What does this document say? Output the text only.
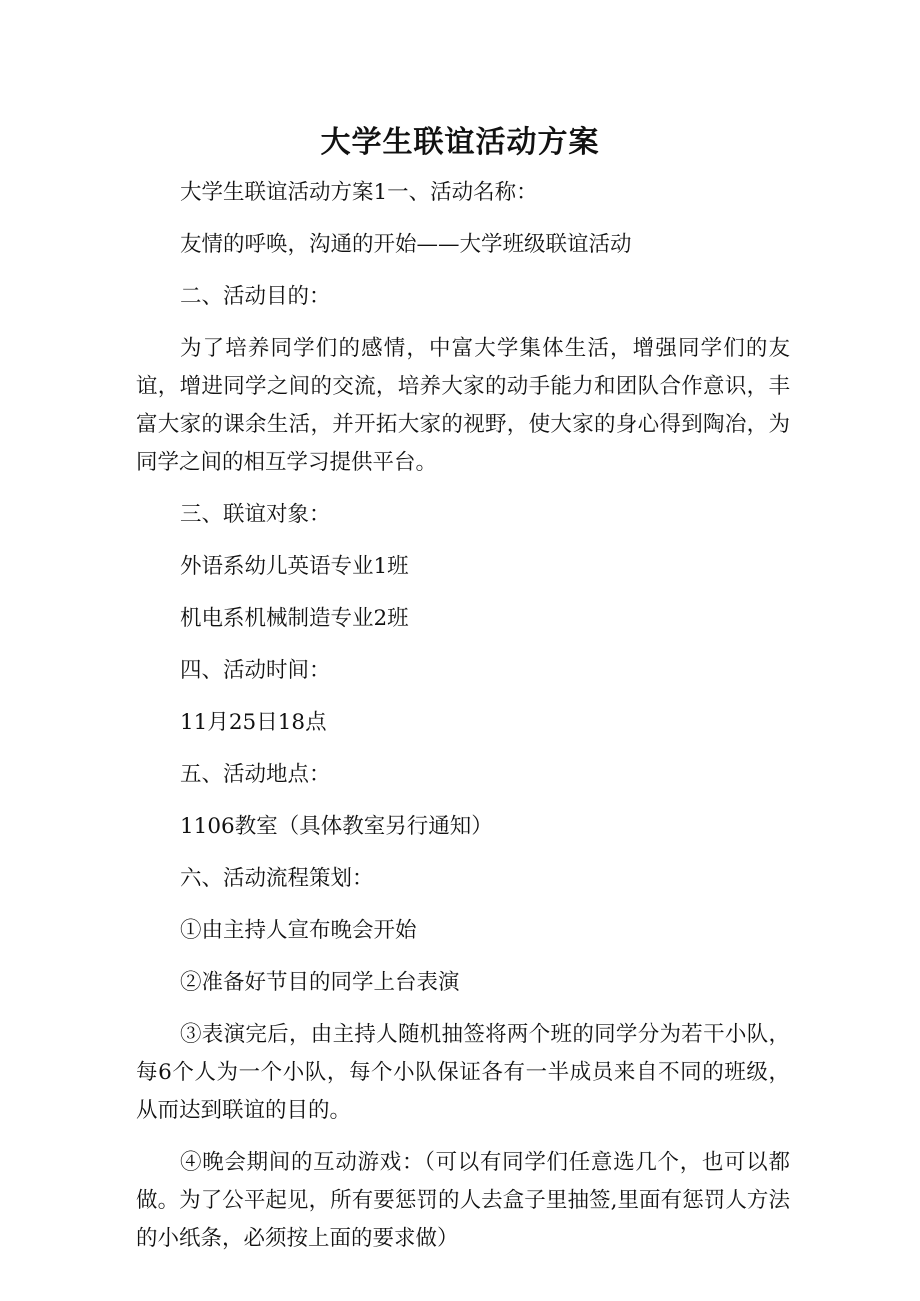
大学生联谊活动方案

大学生联谊活动方案1一、活动名称：

友情的呼唤，沟通的开始——大学班级联谊活动

二、活动目的：

为了培养同学们的感情，中富大学集体生活，增强同学们的友谊，增进同学之间的交流，培养大家的动手能力和团队合作意识，丰富大家的课余生活，并开拓大家的视野，使大家的身心得到陶冶，为同学之间的相互学习提供平台。

三、联谊对象：

外语系幼儿英语专业1班

机电系机械制造专业2班

四、活动时间：

11月25日18点

五、活动地点：

1106教室（具体教室另行通知）

六、活动流程策划：

①由主持人宣布晚会开始

②准备好节目的同学上台表演

③表演完后，由主持人随机抽签将两个班的同学分为若干小队，每6个人为一个小队，每个小队保证各有一半成员来自不同的班级，从而达到联谊的目的。

④晚会期间的互动游戏：（可以有同学们任意选几个，也可以都做。为了公平起见，所有要惩罚的人去盒子里抽签,里面有惩罚人方法的小纸条，必须按上面的要求做）
